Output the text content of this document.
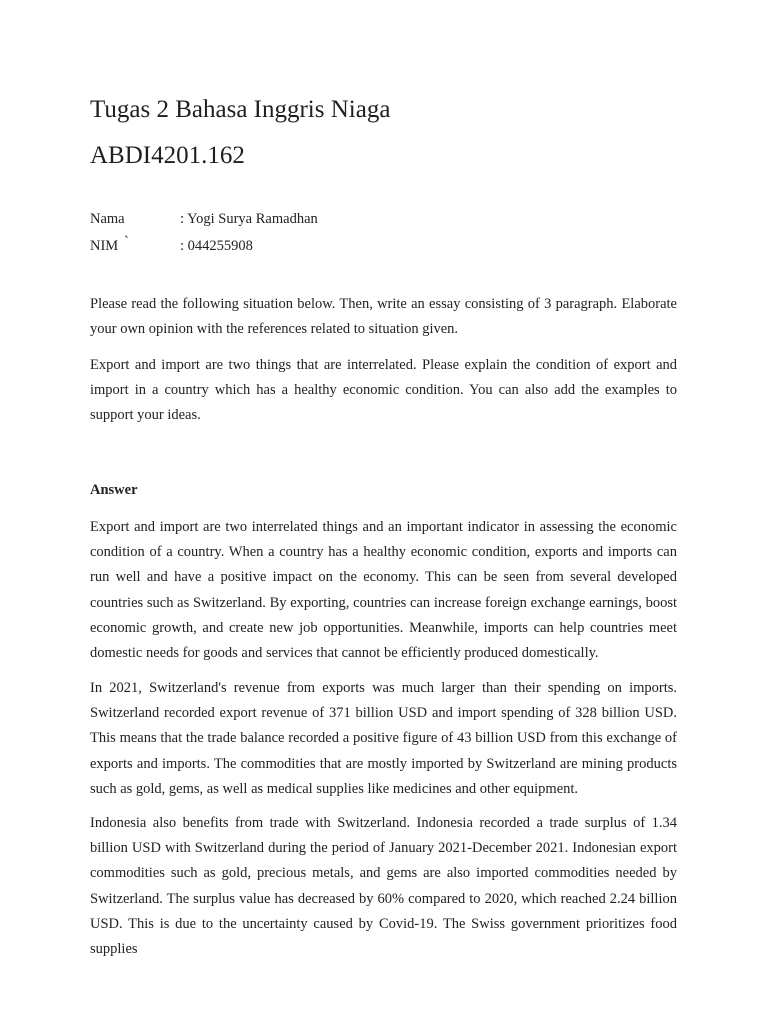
Tugas 2 Bahasa Inggris Niaga
ABDI4201.162
Nama	: Yogi Surya Ramadhan
NIM `	: 044255908

Please read the following situation below. Then, write an essay consisting of 3 paragraph. Elaborate your own opinion with the references related to situation given.

Export and import are two things that are interrelated. Please explain the condition of export and import in a country which has a healthy economic condition. You can also add the examples to support your ideas.

Answer

Export and import are two interrelated things and an important indicator in assessing the economic condition of a country. When a country has a healthy economic condition, exports and imports can run well and have a positive impact on the economy. This can be seen from several developed countries such as Switzerland. By exporting, countries can increase foreign exchange earnings, boost economic growth, and create new job opportunities. Meanwhile, imports can help countries meet domestic needs for goods and services that cannot be efficiently produced domestically.

In 2021, Switzerland's revenue from exports was much larger than their spending on imports. Switzerland recorded export revenue of 371 billion USD and import spending of 328 billion USD. This means that the trade balance recorded a positive figure of 43 billion USD from this exchange of exports and imports. The commodities that are mostly imported by Switzerland are mining products such as gold, gems, as well as medical supplies like medicines and other equipment.

Indonesia also benefits from trade with Switzerland. Indonesia recorded a trade surplus of 1.34 billion USD with Switzerland during the period of January 2021-December 2021. Indonesian export commodities such as gold, precious metals, and gems are also imported commodities needed by Switzerland. The surplus value has decreased by 60% compared to 2020, which reached 2.24 billion USD. This is due to the uncertainty caused by Covid-19. The Swiss government prioritizes food supplies
